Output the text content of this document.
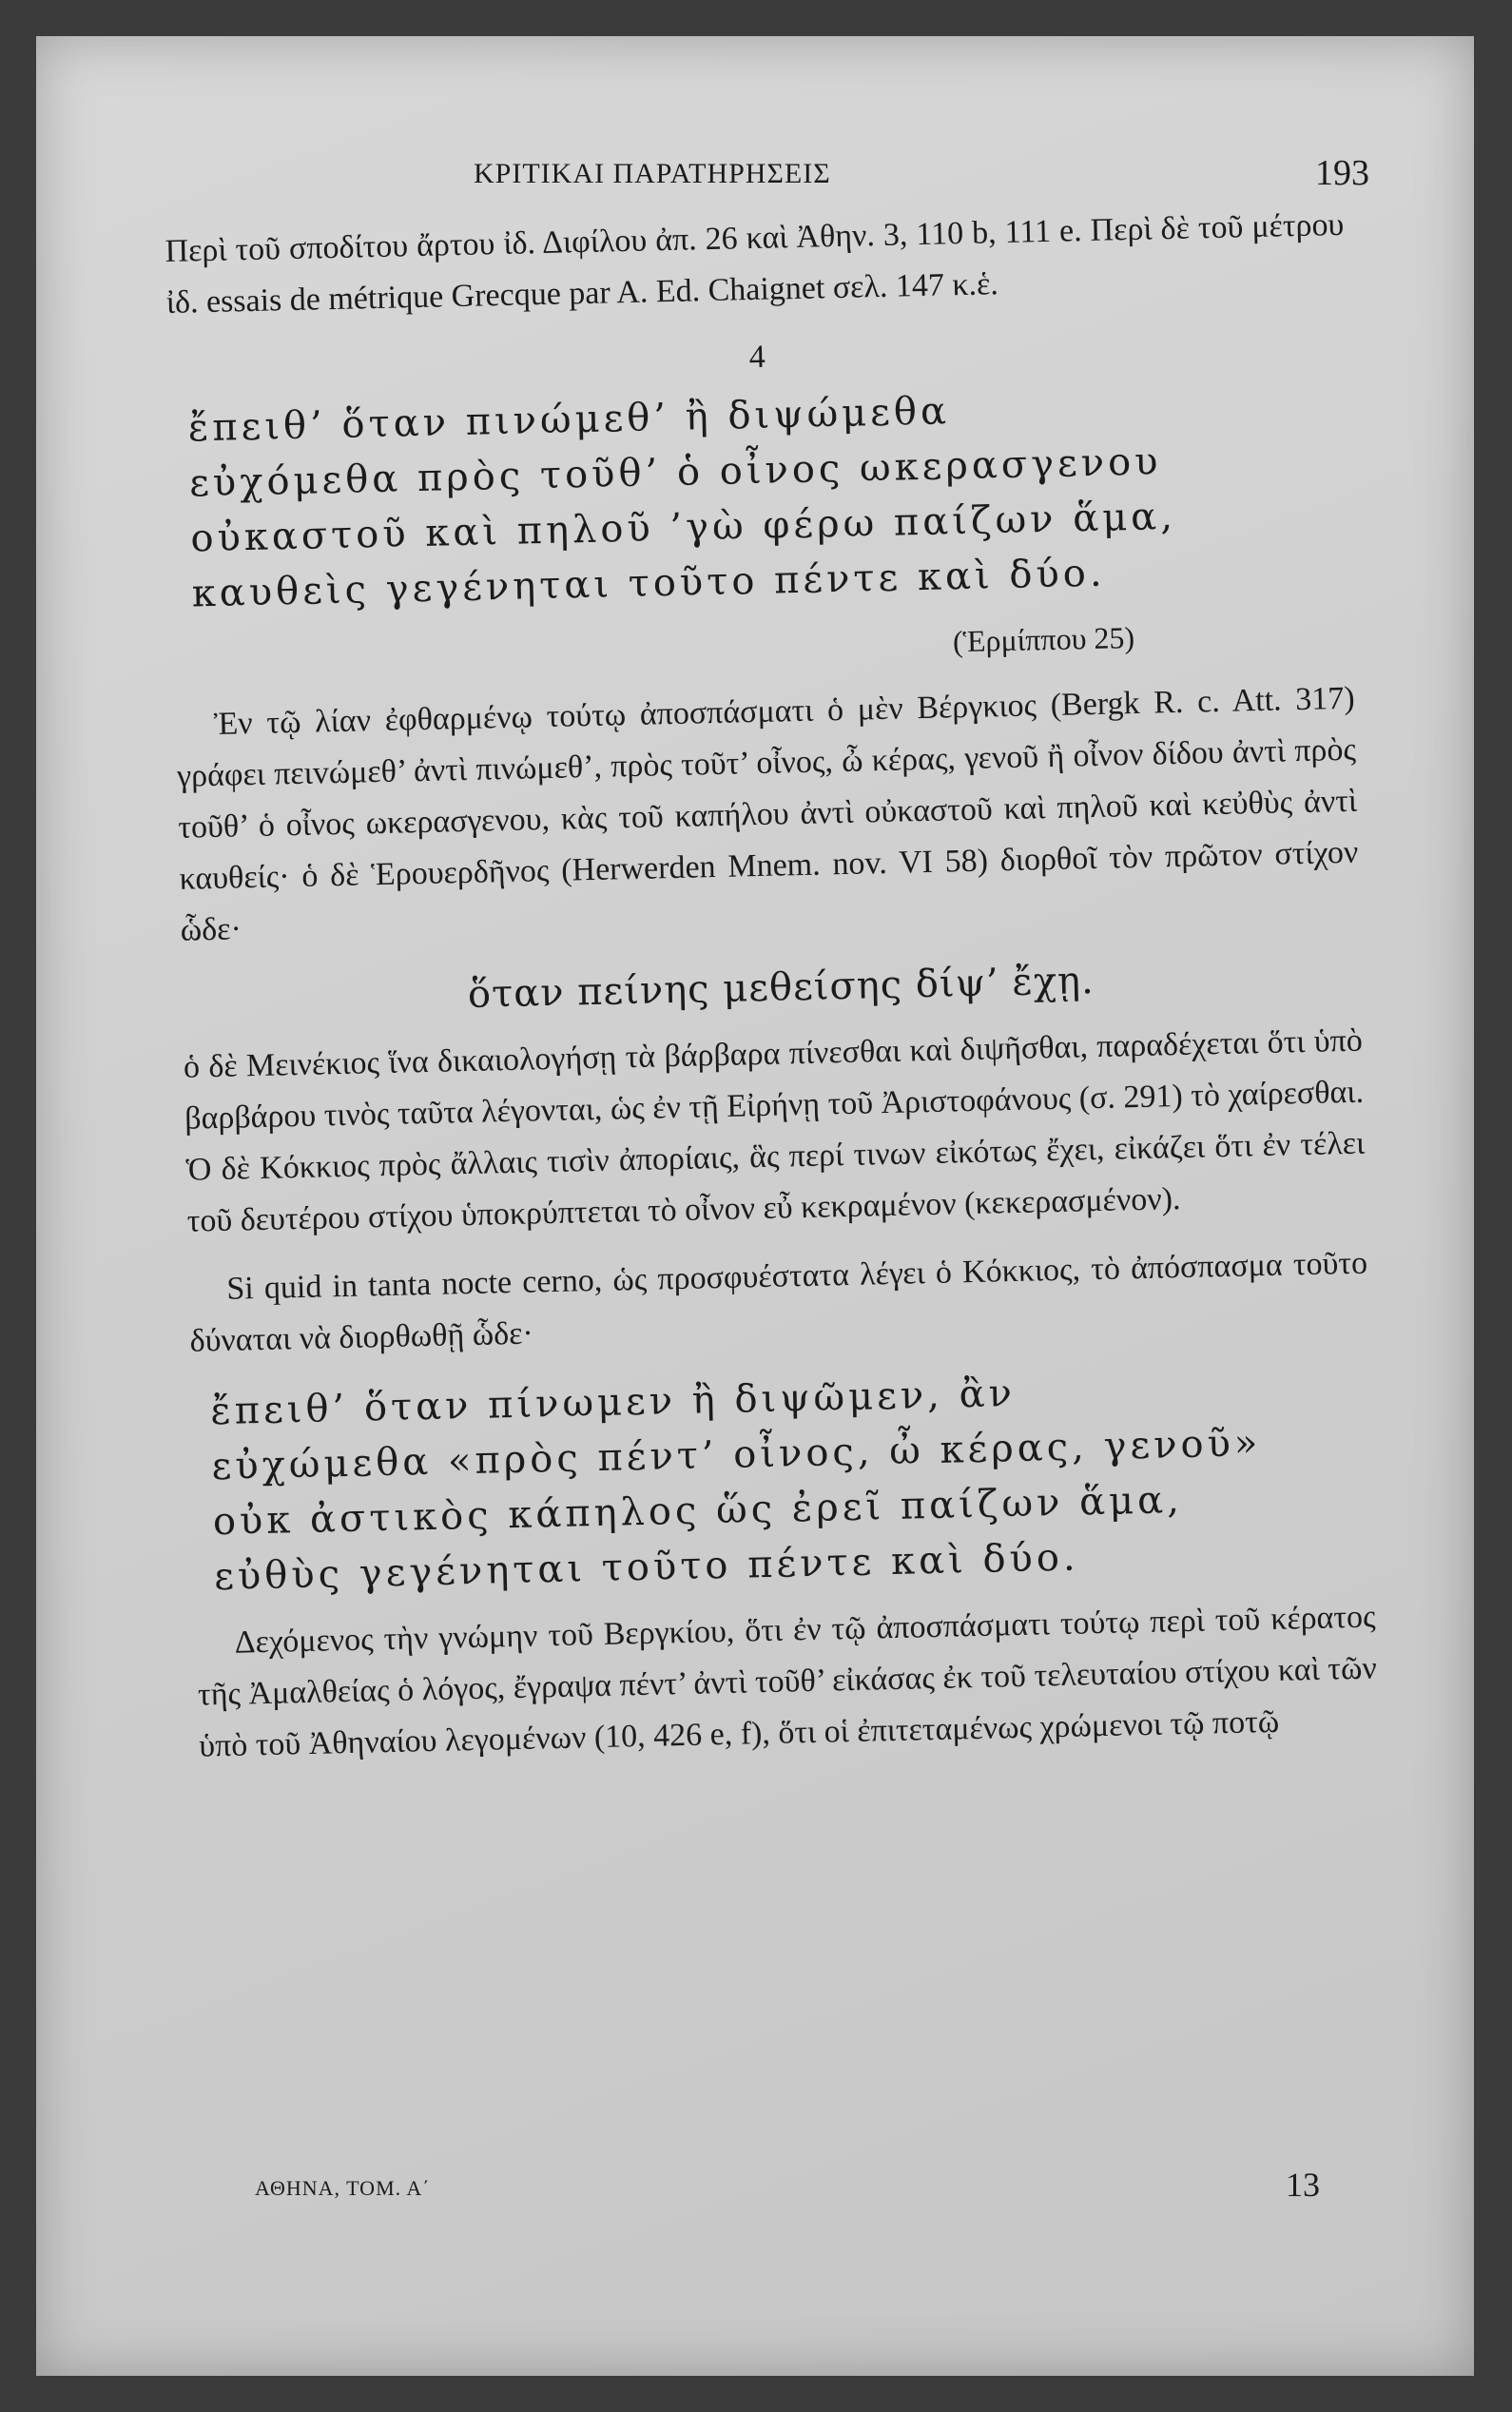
ΚΡΙΤΙΚΑΙ ΠΑΡΑΤΗΡΗΣΕΙΣ	193

Περὶ τοῦ σποδίτου ἄρτου ἰδ. Διφίλου ἀπ. 26 καὶ Ἀθην. 3, 110 b, 111 e. Περὶ δὲ τοῦ μέτρου ἰδ. essais de métrique Grecque par A. Ed. Chaignet σελ. 147 κ.ἑ.

4
ἔπειθ’ ὅταν πινώμεθ’ ἢ διψώμεθα
εὐχόμεθα πρὸς τοῦθ’ ὁ οἶνος ωκερασγενου
οὐκαστοῦ καὶ πηλοῦ ’γὼ φέρω παίζων ἅμα,
καυθεὶς γεγένηται τοῦτο πέντε καὶ δύο.
(Ἑρμίππου 25)

Ἐν τῷ λίαν ἐφθαρμένῳ τούτῳ ἀποσπάσματι ὁ μὲν Βέργκιος (Bergk R. c. Att. 317) γράφει πειvώμεθ’ ἀντὶ πινώμεθ’, πρὸς τοῦτ’ οἶνος, ὦ κέρας, γενοῦ ἢ οἶνον δίδου ἀντὶ πρὸς τοῦθ’ ὁ οἶνος ωκερασγενου, κὰς τοῦ καπήλου ἀντὶ οὐκαστοῦ καὶ πηλοῦ καὶ κεὐθὺς ἀντὶ καυθείς· ὁ δὲ Ἑρουερδῆνος (Herwerden Mnem. nov. VI 58) διορθοῖ τὸν πρῶτον στίχον ὧδε·

ὅταν πείνης μεθείσης δίψ’ ἔχῃ.

ὁ δὲ Μεινέκιος ἵνα δικαιολογήσῃ τὰ βάρβαρα πίνεσθαι καὶ διψῆσθαι, παραδέχεται ὅτι ὑπὸ βαρβάρου τινὸς ταῦτα λέγονται, ὡς ἐν τῇ Εἰρήνῃ τοῦ Ἀριστοφάνους (σ. 291) τὸ χαίρεσθαι. Ὁ δὲ Κόκκιος πρὸς ἄλλαις τισὶν ἀπορίαις, ἃς περί τινων εἰκότως ἔχει, εἰκάζει ὅτι ἐν τέλει τοῦ δευτέρου στίχου ὑποκρύπτεται τὸ οἶνον εὖ κεκραμένον (κεκερασμένον).

Si quid in tanta nocte cerno, ὡς προσφυέστατα λέγει ὁ Κόκκιος, τὸ ἀπόσπασμα τοῦτο δύναται νὰ διορθωθῇ ὧδε·

ἔπειθ’ ὅταν πίνωμεν ἢ διψῶμεν, ἂν
εὐχώμεθα «πρὸς πέντ’ οἶνος, ὦ κέρας, γενοῦ»
οὐκ ἀστικὸς κάπηλος ὥς ἐρεῖ παίζων ἅμα,
εὐθὺς γεγένηται τοῦτο πέντε καὶ δύο.

Δεχόμενος τὴν γνώμην τοῦ Βεργκίου, ὅτι ἐν τῷ ἀποσπάσματι τούτῳ περὶ τοῦ κέρατος τῆς Ἀμαλθείας ὁ λόγος, ἔγραψα πέντ’ ἀντὶ τοῦθ’ εἰκάσας ἐκ τοῦ τελευταίου στίχου καὶ τῶν ὑπὸ τοῦ Ἀθηναίου λεγομένων (10, 426 e, f), ὅτι οἱ ἐπιτεταμένως χρώμενοι τῷ ποτῷ

ΑΘΗΝΑ, ΤΟΜ. Α΄	13
